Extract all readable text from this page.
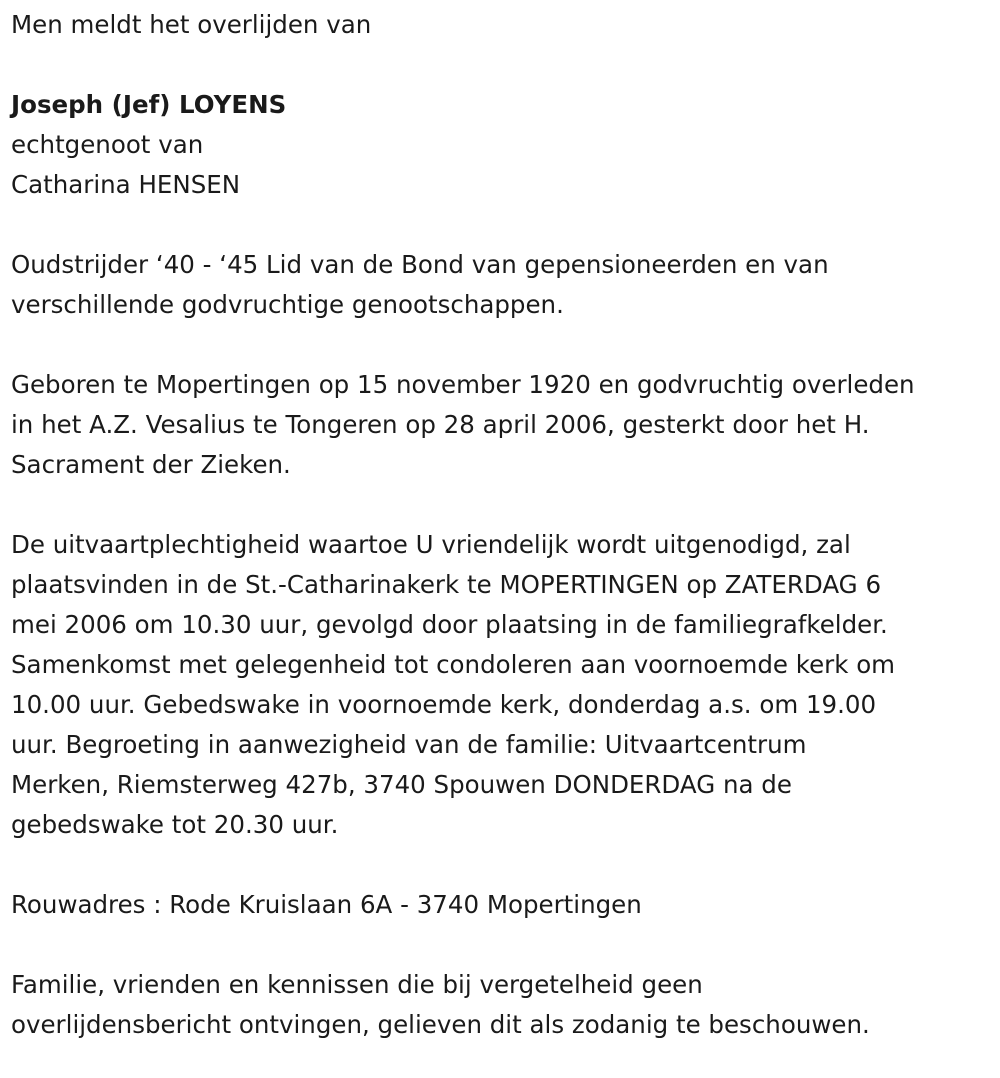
Men meldt het overlijden van

Joseph (Jef) LOYENS
echtgenoot van
Catharina HENSEN

Oudstrijder ‘40 - ‘45 Lid van de Bond van gepensioneerden en van
verschillende godvruchtige genootschappen.

Geboren te Mopertingen op 15 november 1920 en godvruchtig overleden
in het A.Z. Vesalius te Tongeren op 28 april 2006, gesterkt door het H.
Sacrament der Zieken.

De uitvaartplechtigheid waartoe U vriendelijk wordt uitgenodigd, zal
plaatsvinden in de St.-Catharinakerk te MOPERTINGEN op ZATERDAG 6
mei 2006 om 10.30 uur, gevolgd door plaatsing in de familiegrafkelder.
Samenkomst met gelegenheid tot condoleren aan voornoemde kerk om
10.00 uur. Gebedswake in voornoemde kerk, donderdag a.s. om 19.00
uur. Begroeting in aanwezigheid van de familie: Uitvaartcentrum
Merken, Riemsterweg 427b, 3740 Spouwen DONDERDAG na de
gebedswake tot 20.30 uur.

Rouwadres : Rode Kruislaan 6A - 3740 Mopertingen

Familie, vrienden en kennissen die bij vergetelheid geen
overlijdensbericht ontvingen, gelieven dit als zodanig te beschouwen.
